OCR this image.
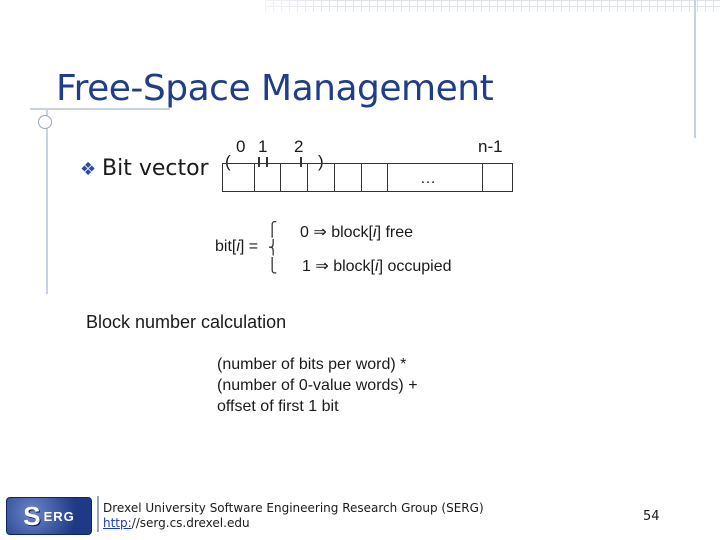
Free-Space Management
❖ Bit vector
0 1 2	n-1
(	)
…
bit[i] =
⎧
⎨
⎩
0 ⇒ block[i] free
1 ⇒ block[i] occupied
Block number calculation
(number of bits per word) *
(number of 0-value words) +
offset of first 1 bit
S ERG
Drexel University Software Engineering Research Group (SERG)
http://serg.cs.drexel.edu	54
